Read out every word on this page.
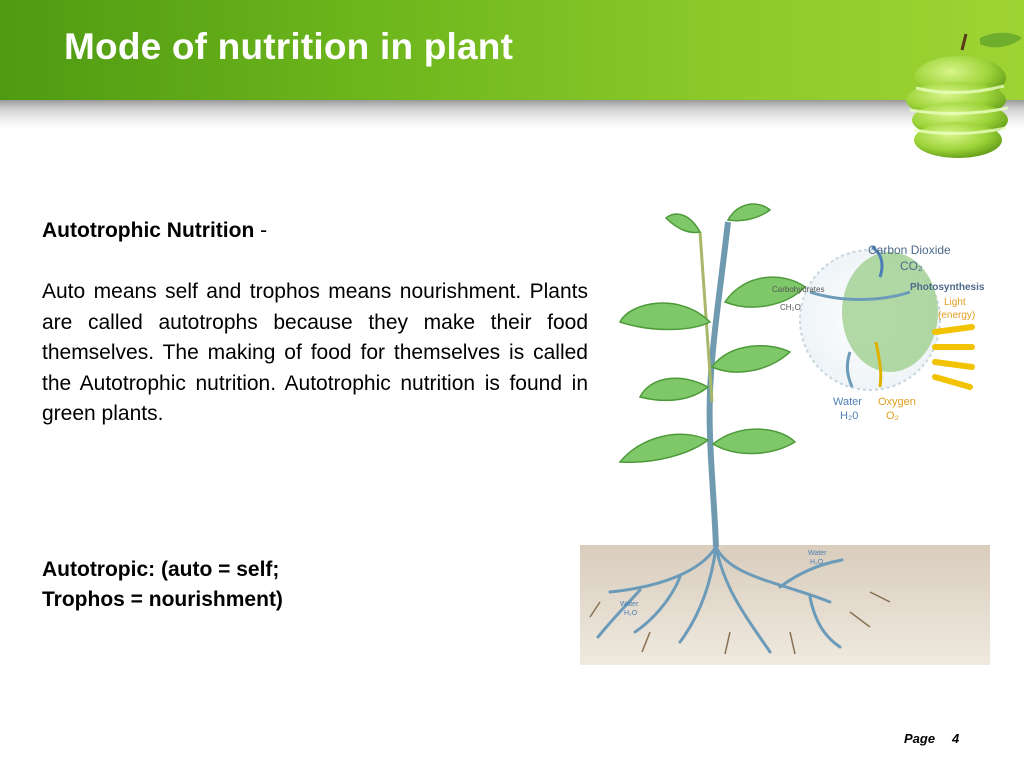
Mode of nutrition in plant
Autotrophic Nutrition -
Auto means self and trophos means nourishment. Plants are called autotrophs because they make their food themselves. The making of food for themselves is called the Autotrophic nutrition. Autotrophic nutrition is found in green plants.
Autotropic: (auto = self;
Trophos = nourishment)
Carbon Dioxide
CO₂
Carbohydrates
CH₂O
Photosynthesis
Light
(energy)
Water
H₂0
Oxygen
O₂
Water
H₂O
Water
H₂O
Page 4
